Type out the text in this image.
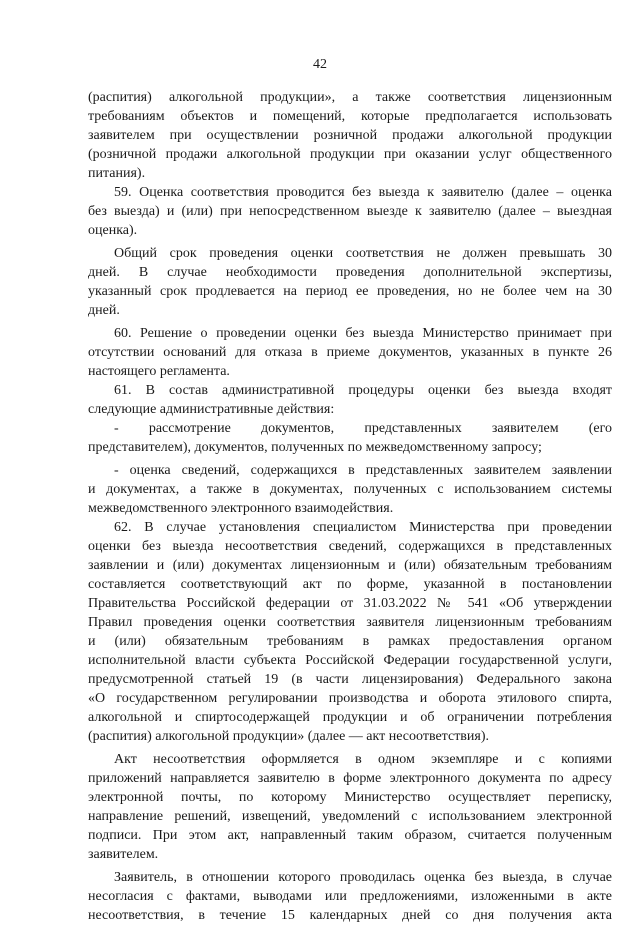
42
(распития) алкогольной продукции», а также соответствия лицензионным
требованиям объектов и помещений, которые предполагается использовать
заявителем при осуществлении розничной продажи алкогольной продукции
(розничной продажи алкогольной продукции при оказании услуг общественного
питания).
59. Оценка соответствия проводится без выезда к заявителю (далее – оценка
без выезда) и (или) при непосредственном выезде к заявителю (далее – выездная
оценка).
Общий срок проведения оценки соответствия не должен превышать 30
дней. В случае необходимости проведения дополнительной экспертизы,
указанный срок продлевается на период ее проведения, но не более чем на 30
дней.
60. Решение о проведении оценки без выезда Министерство принимает при
отсутствии оснований для отказа в приеме документов, указанных в пункте 26
настоящего регламента.
61. В состав административной процедуры оценки без выезда входят
следующие административные действия:
- рассмотрение документов, представленных заявителем (его
представителем), документов, полученных по межведомственному запросу;
- оценка сведений, содержащихся в представленных заявителем заявлении
и документах, а также в документах, полученных с использованием системы
межведомственного электронного взаимодействия.
62. В случае установления специалистом Министерства при проведении
оценки без выезда несоответствия сведений, содержащихся в представленных
заявлении и (или) документах лицензионным и (или) обязательным требованиям
составляется соответствующий акт по форме, указанной в постановлении
Правительства Российской федерации от 31.03.2022 № 541 «Об утверждении
Правил проведения оценки соответствия заявителя лицензионным требованиям
и (или) обязательным требованиям в рамках предоставления органом
исполнительной власти субъекта Российской Федерации государственной услуги,
предусмотренной статьей 19 (в части лицензирования) Федерального закона
«О государственном регулировании производства и оборота этилового спирта,
алкогольной и спиртосодержащей продукции и об ограничении потребления
(распития) алкогольной продукции» (далее — акт несоответствия).
Акт несоответствия оформляется в одном экземпляре и с копиями
приложений направляется заявителю в форме электронного документа по адресу
электронной почты, по которому Министерство осуществляет переписку,
направление решений, извещений, уведомлений с использованием электронной
подписи. При этом акт, направленный таким образом, считается полученным
заявителем.
Заявитель, в отношении которого проводилась оценка без выезда, в случае
несогласия с фактами, выводами или предложениями, изложенными в акте
несоответствия, в течение 15 календарных дней со дня получения акта
